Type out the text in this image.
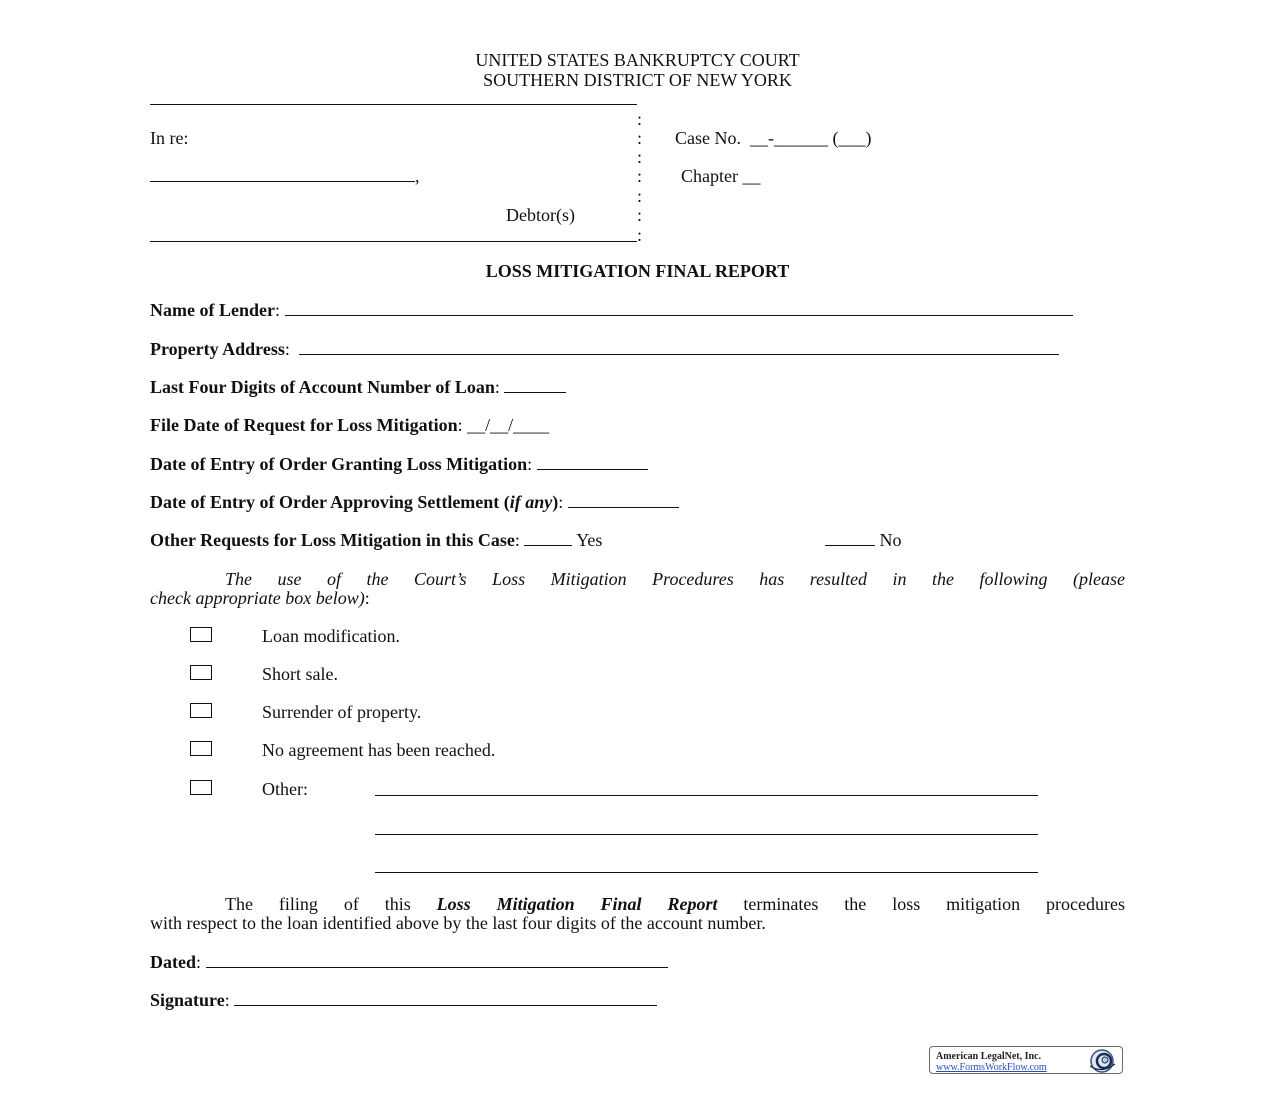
UNITED STATES BANKRUPTCY COURT
SOUTHERN DISTRICT OF NEW YORK
:
:
:
:
:
:
:
In re:
,
Debtor(s)
Case No. __-______ (___)
Chapter __
LOSS MITIGATION FINAL REPORT
Name of Lender:
Property Address:
Last Four Digits of Account Number of Loan:
File Date of Request for Loss Mitigation: __/__/____
Date of Entry of Order Granting Loss Mitigation:
Date of Entry of Order Approving Settlement (if any):
Other Requests for Loss Mitigation in this Case:	Yes	No
The use of the Court’s Loss Mitigation Procedures has resulted in the following (please
check appropriate box below):
Loan modification.
Short sale.
Surrender of property.
No agreement has been reached.
Other:
The filing of this Loss Mitigation Final Report terminates the loss mitigation procedures
with respect to the loan identified above by the last four digits of the account number.
Dated:
Signature:
American LegalNet, Inc.
www.FormsWorkFlow.com
